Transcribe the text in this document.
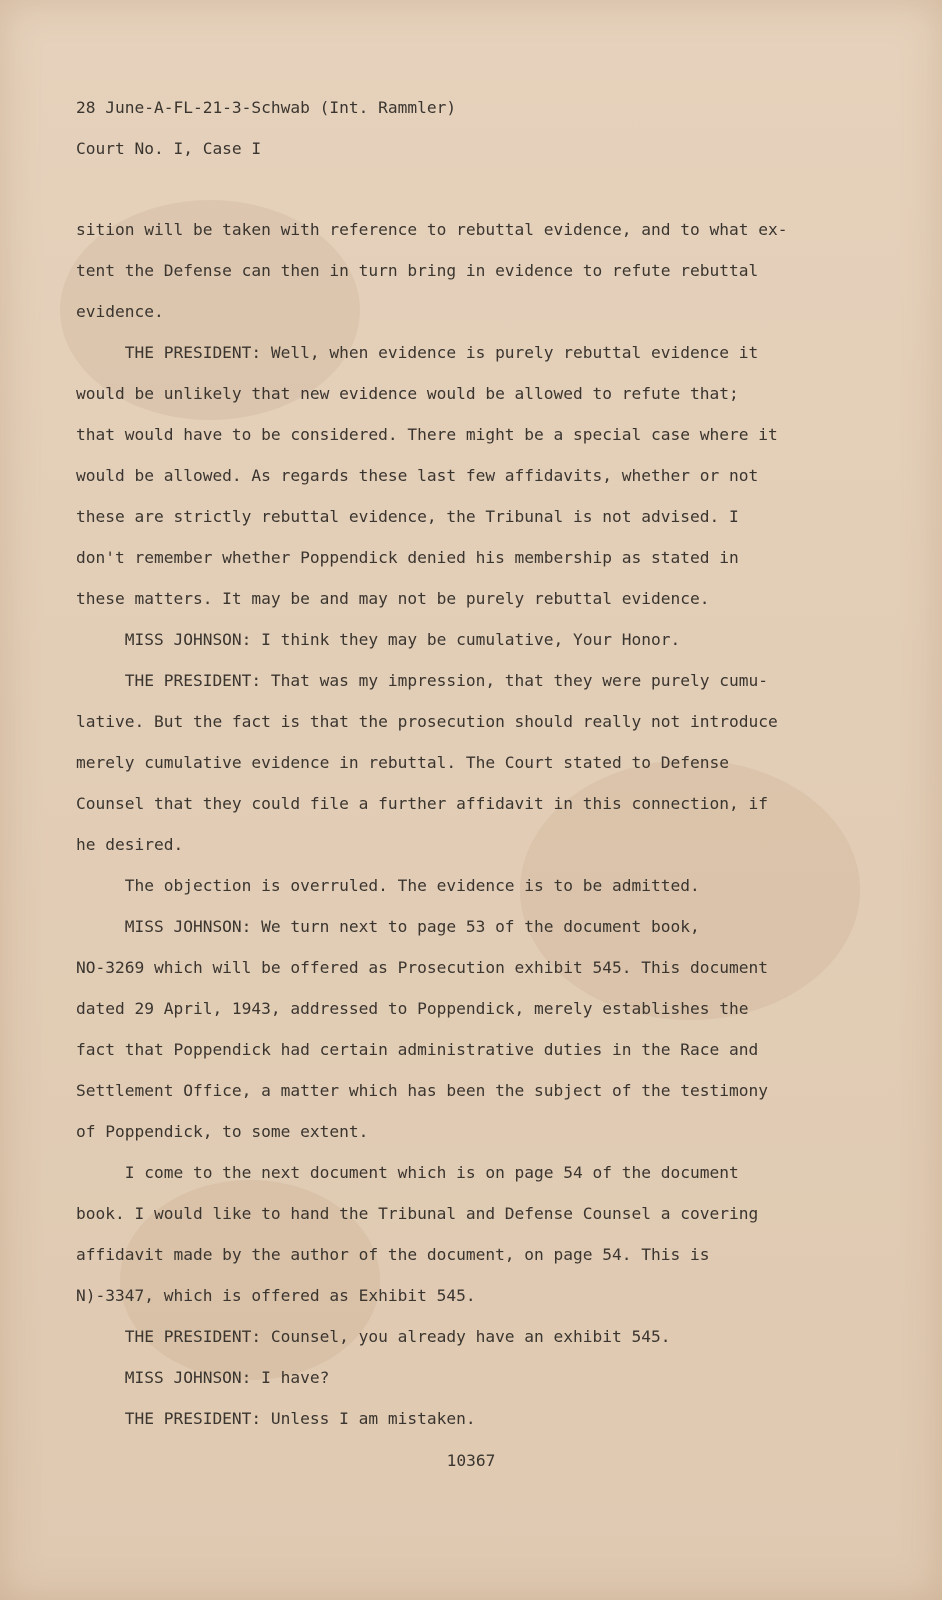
28 June-A-FL-21-3-Schwab (Int. Rammler)
Court No. I, Case I
sition will be taken with reference to rebuttal evidence, and to what ex-
tent the Defense can then in turn bring in evidence to refute rebuttal
evidence.
THE PRESIDENT: Well, when evidence is purely rebuttal evidence it
would be unlikely that new evidence would be allowed to refute that;
that would have to be considered. There might be a special case where it
would be allowed. As regards these last few affidavits, whether or not
these are strictly rebuttal evidence, the Tribunal is not advised. I
don't remember whether Poppendick denied his membership as stated in
these matters. It may be and may not be purely rebuttal evidence.
MISS JOHNSON: I think they may be cumulative, Your Honor.
THE PRESIDENT: That was my impression, that they were purely cumu-
lative. But the fact is that the prosecution should really not introduce
merely cumulative evidence in rebuttal. The Court stated to Defense
Counsel that they could file a further affidavit in this connection, if
he desired.
The objection is overruled. The evidence is to be admitted.
MISS JOHNSON: We turn next to page 53 of the document book,
NO-3269 which will be offered as Prosecution exhibit 545. This document
dated 29 April, 1943, addressed to Poppendick, merely establishes the
fact that Poppendick had certain administrative duties in the Race and
Settlement Office, a matter which has been the subject of the testimony
of Poppendick, to some extent.
I come to the next document which is on page 54 of the document
book. I would like to hand the Tribunal and Defense Counsel a covering
affidavit made by the author of the document, on page 54. This is
N)-3347, which is offered as Exhibit 545.
THE PRESIDENT: Counsel, you already have an exhibit 545.
MISS JOHNSON: I have?
THE PRESIDENT: Unless I am mistaken.
10367
